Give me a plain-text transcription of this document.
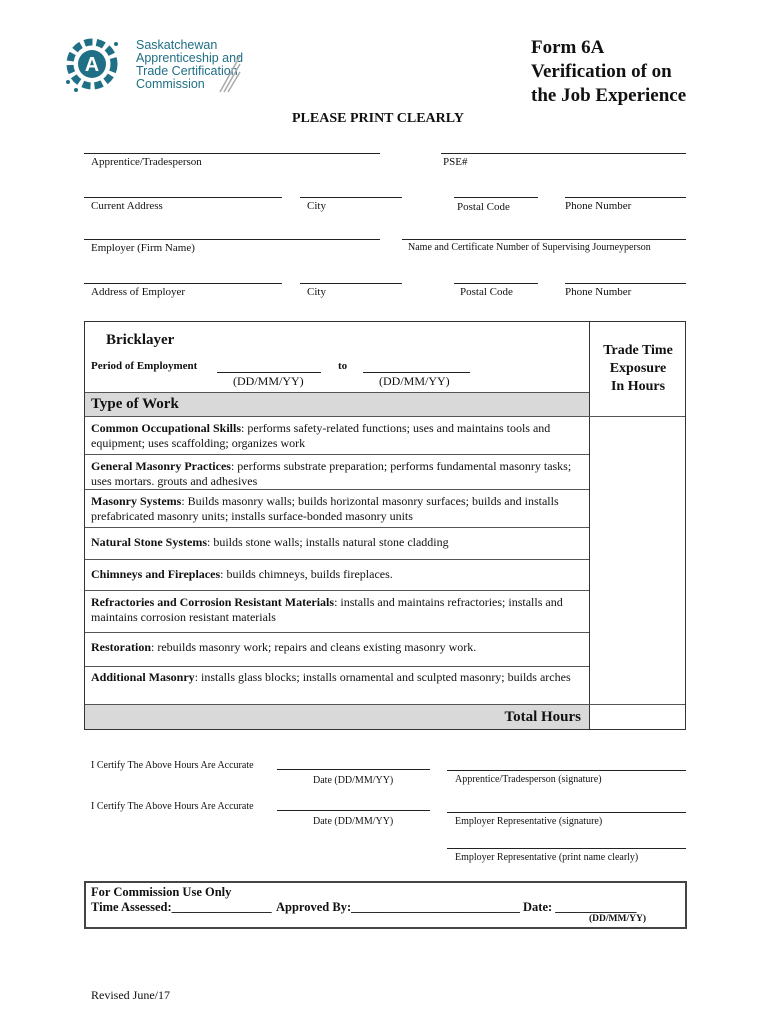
A
Saskatchewan
Apprenticeship and
Trade Certification
Commission
Form 6A
Verification of on
the Job Experience
PLEASE PRINT CLEARLY
Apprentice/Tradesperson	PSE#
Current Address	City	Postal Code	Phone Number
Employer (Firm Name)	Name and Certificate Number of Supervising Journeyperson
Address of Employer	City	Postal Code	Phone Number
Bricklayer
Period of Employment	to
(DD/MM/YY)	(DD/MM/YY)
Trade Time
Exposure
In Hours
Type of Work
Common Occupational Skills: performs safety-related functions; uses and maintains tools and equipment; uses scaffolding; organizes work
General Masonry Practices: performs substrate preparation; performs fundamental masonry tasks; uses mortars. grouts and adhesives
Masonry Systems: Builds masonry walls; builds horizontal masonry surfaces; builds and installs prefabricated masonry units; installs surface-bonded masonry units
Natural Stone Systems: builds stone walls; installs natural stone cladding
Chimneys and Fireplaces: builds chimneys, builds fireplaces.
Refractories and Corrosion Resistant Materials: installs and maintains refractories; installs and maintains corrosion resistant materials
Restoration: rebuilds masonry work; repairs and cleans existing masonry work.
Additional Masonry: installs glass blocks; installs ornamental and sculpted masonry; builds arches
Total Hours
I Certify The Above Hours Are Accurate
Date (DD/MM/YY)	Apprentice/Tradesperson (signature)
I Certify The Above Hours Are Accurate
Date (DD/MM/YY)	Employer Representative (signature)
Employer Representative (print name clearly)
For Commission Use Only
Time Assessed:________________ Approved By:___________________________ Date: _____________
(DD/MM/YY)
Revised June/17
